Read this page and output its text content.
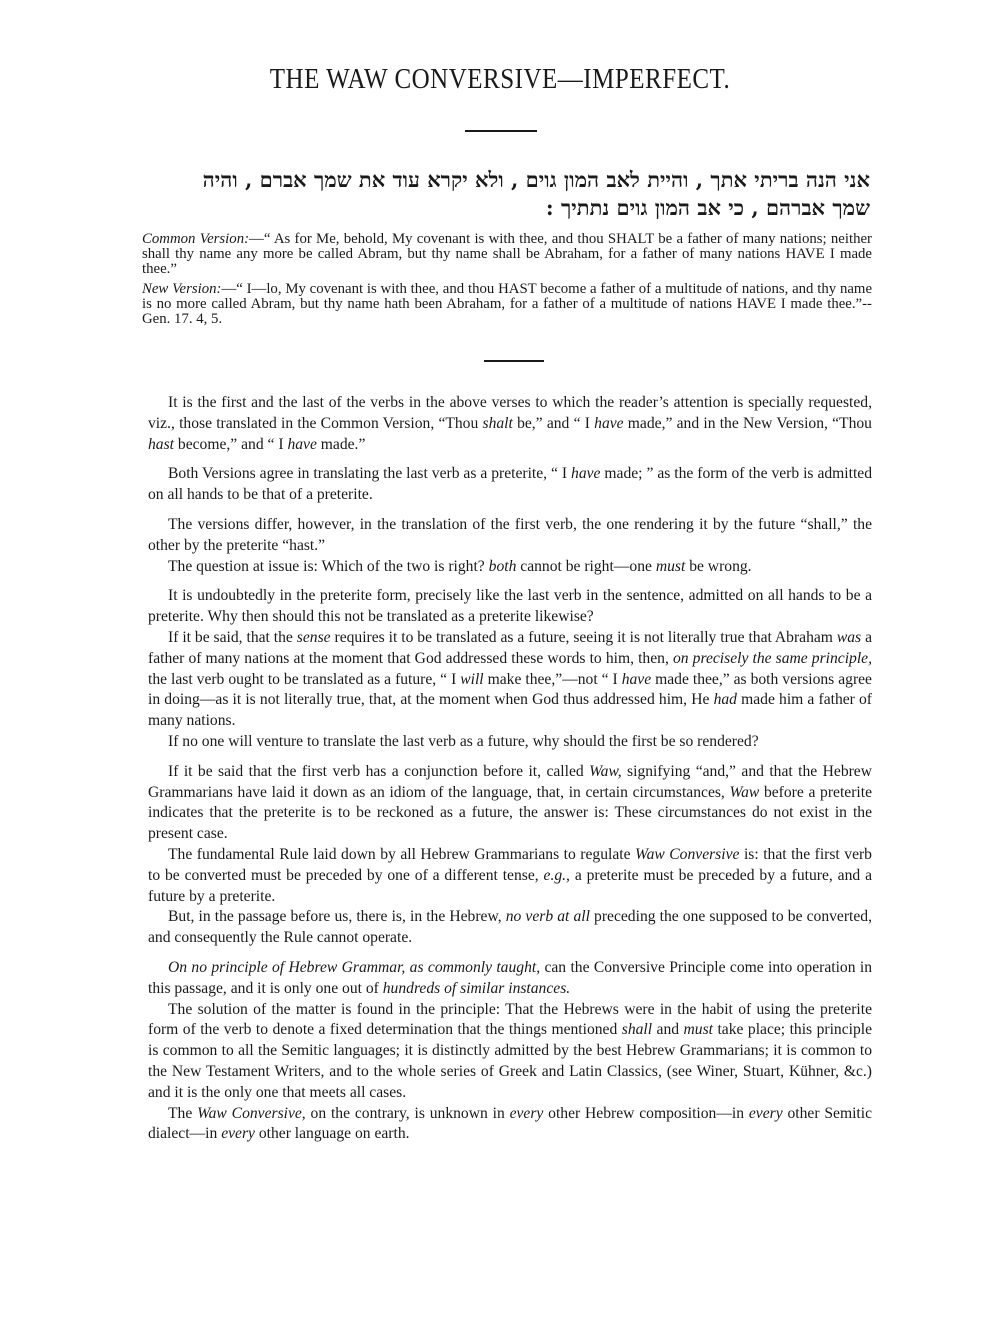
THE WAW CONVERSIVE—IMPERFECT.
אני הנה בריתי אתך , והיית לאב המון גוים , ולא יקרא עוד את שמך אברם , והיה
שמך אברהם , כי אב המון גוים נתתיך :
Common Version:—“ As for Me, behold, My covenant is with thee, and thou SHALT be a father of many nations; neither shall thy name any more be called Abram, but thy name shall be Abraham, for a father of many nations HAVE I made thee.”
New Version:—“ I—lo, My covenant is with thee, and thou HAST become a father of a multitude of nations, and thy name is no more called Abram, but thy name hath been Abraham, for a father of a multitude of nations HAVE I made thee.”--Gen. 17. 4, 5.

It is the first and the last of the verbs in the above verses to which the reader’s attention is specially requested, viz., those translated in the Common Version, “Thou shalt be,” and “ I have made,” and in the New Version, “Thou hast become,” and “ I have made.”

Both Versions agree in translating the last verb as a preterite, “ I have made; ” as the form of the verb is admitted on all hands to be that of a preterite.

The versions differ, however, in the translation of the first verb, the one rendering it by the future “shall,” the other by the preterite “hast.”

The question at issue is: Which of the two is right? both cannot be right—one must be wrong.

It is undoubtedly in the preterite form, precisely like the last verb in the sentence, admitted on all hands to be a preterite. Why then should this not be translated as a preterite likewise?

If it be said, that the sense requires it to be translated as a future, seeing it is not literally true that Abraham was a father of many nations at the moment that God addressed these words to him, then, on precisely the same principle, the last verb ought to be translated as a future, “ I will make thee,”—not “ I have made thee,” as both versions agree in doing—as it is not literally true, that, at the moment when God thus addressed him, He had made him a father of many nations.

If no one will venture to translate the last verb as a future, why should the first be so rendered?

If it be said that the first verb has a conjunction before it, called Waw, signifying “and,” and that the Hebrew Grammarians have laid it down as an idiom of the language, that, in certain circumstances, Waw before a preterite indicates that the preterite is to be reckoned as a future, the answer is: These circumstances do not exist in the present case.

The fundamental Rule laid down by all Hebrew Grammarians to regulate Waw Conversive is: that the first verb to be converted must be preceded by one of a different tense, e.g., a preterite must be preceded by a future, and a future by a preterite.

But, in the passage before us, there is, in the Hebrew, no verb at all preceding the one supposed to be converted, and consequently the Rule cannot operate.

On no principle of Hebrew Grammar, as commonly taught, can the Conversive Principle come into operation in this passage, and it is only one out of hundreds of similar instances.

The solution of the matter is found in the principle: That the Hebrews were in the habit of using the preterite form of the verb to denote a fixed determination that the things mentioned shall and must take place; this principle is common to all the Semitic languages; it is distinctly admitted by the best Hebrew Grammarians; it is common to the New Testament Writers, and to the whole series of Greek and Latin Classics, (see Winer, Stuart, Kühner, &c.) and it is the only one that meets all cases.

The Waw Conversive, on the contrary, is unknown in every other Hebrew composition—in every other Semitic dialect—in every other language on earth.
